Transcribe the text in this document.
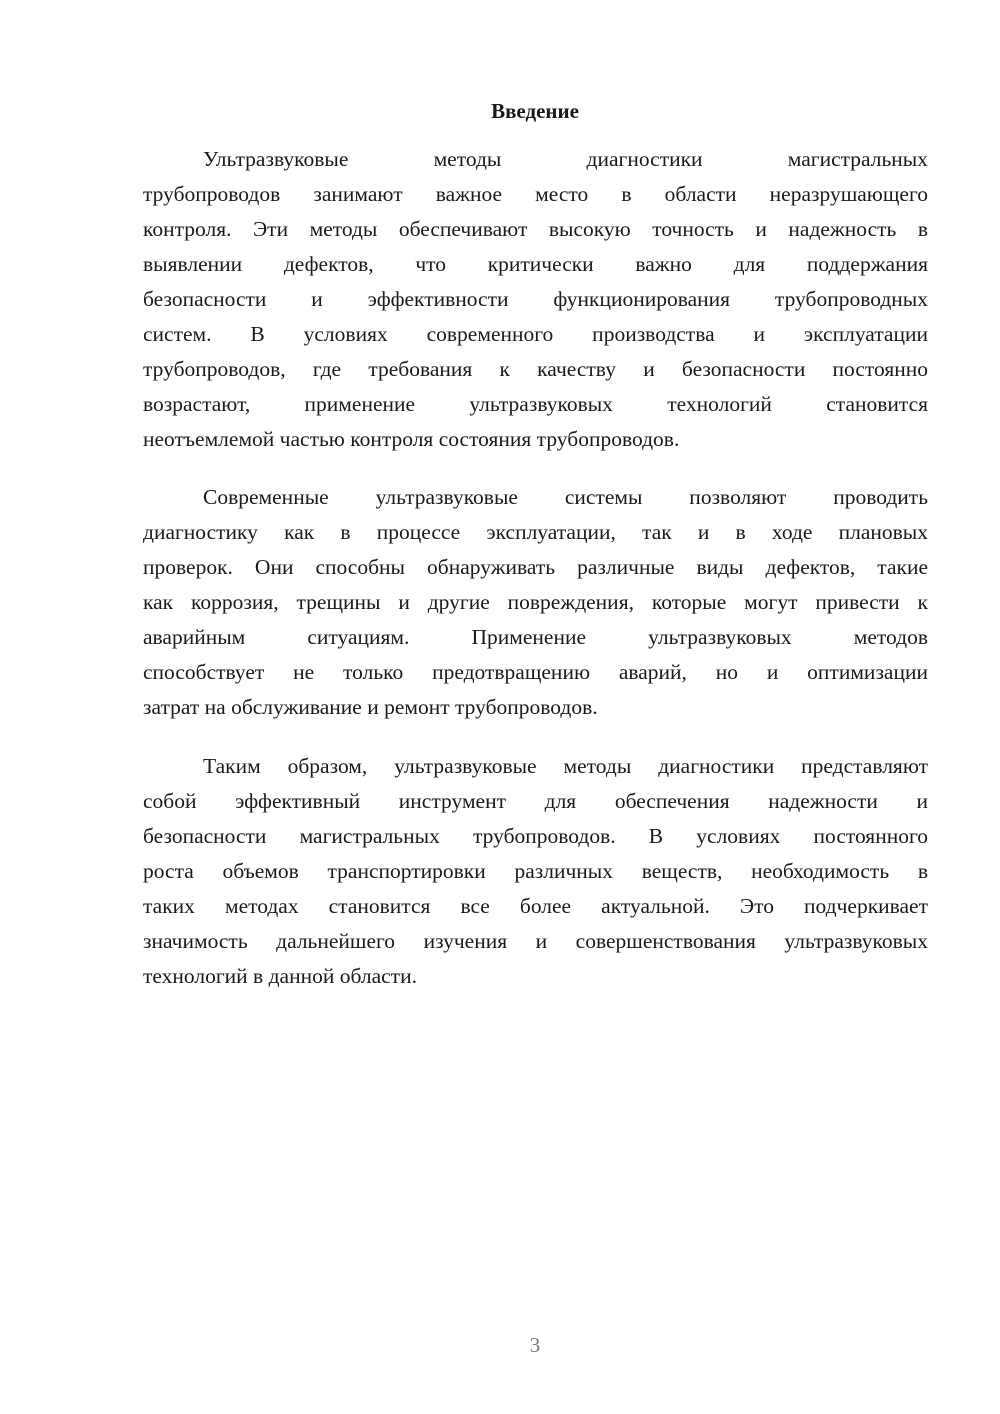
Введение
Ультразвуковые методы диагностики магистральных
трубопроводов занимают важное место в области неразрушающего
контроля. Эти методы обеспечивают высокую точность и надежность в
выявлении дефектов, что критически важно для поддержания
безопасности и эффективности функционирования трубопроводных
систем. В условиях современного производства и эксплуатации
трубопроводов, где требования к качеству и безопасности постоянно
возрастают, применение ультразвуковых технологий становится
неотъемлемой частью контроля состояния трубопроводов.
Современные ультразвуковые системы позволяют проводить
диагностику как в процессе эксплуатации, так и в ходе плановых
проверок. Они способны обнаруживать различные виды дефектов, такие
как коррозия, трещины и другие повреждения, которые могут привести к
аварийным ситуациям. Применение ультразвуковых методов
способствует не только предотвращению аварий, но и оптимизации
затрат на обслуживание и ремонт трубопроводов.
Таким образом, ультразвуковые методы диагностики представляют
собой эффективный инструмент для обеспечения надежности и
безопасности магистральных трубопроводов. В условиях постоянного
роста объемов транспортировки различных веществ, необходимость в
таких методах становится все более актуальной. Это подчеркивает
значимость дальнейшего изучения и совершенствования ультразвуковых
технологий в данной области.
3
